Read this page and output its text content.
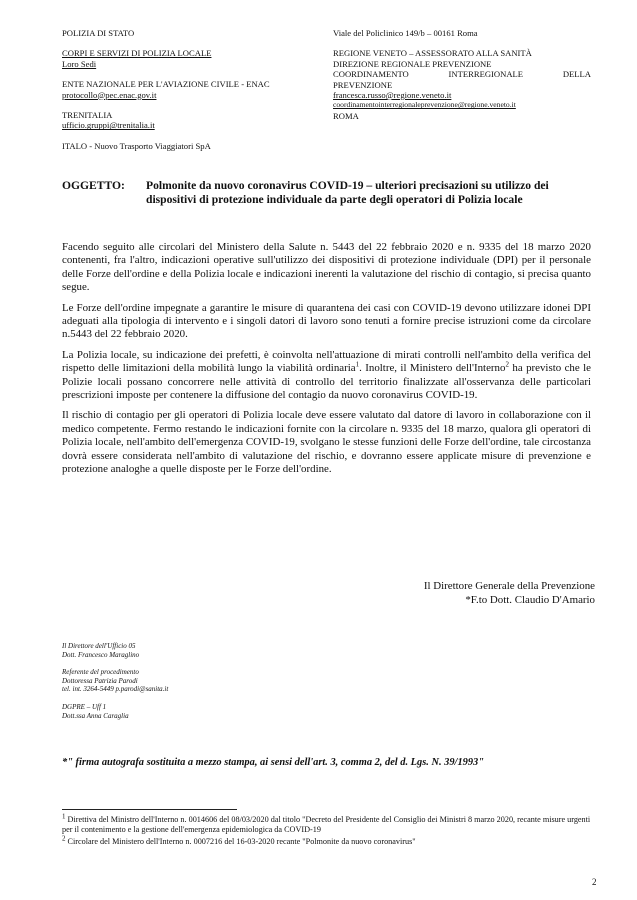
POLIZIA DI STATO

CORPI E SERVIZI DI POLIZIA LOCALE

Loro Sedi

ENTE NAZIONALE PER L'AVIAZIONE CIVILE - ENAC

protocollo@pec.enac.gov.it

TRENITALIA

ufficio.gruppi@trenitalia.it

ITALO - Nuovo Trasporto Viaggiatori SpA

Viale del Policlinico 149/b – 00161 Roma

REGIONE VENETO – ASSESSORATO ALLA SANITÀ

DIREZIONE REGIONALE PREVENZIONE

COORDINAMENTO INTERREGIONALE DELLA

PREVENZIONE

francesca.russo@regione.veneto.it

coordinamentointerregionaleprevenzione@regione.veneto.it

ROMA

OGGETTO: Polmonite da nuovo coronavirus COVID-19 – ulteriori precisazioni su utilizzo dei dispositivi di protezione individuale da parte degli operatori di Polizia locale

Facendo seguito alle circolari del Ministero della Salute n. 5443 del 22 febbraio 2020 e n. 9335 del 18 marzo 2020 contenenti, fra l'altro, indicazioni operative sull'utilizzo dei dispositivi di protezione individuale (DPI) per il personale delle Forze dell'ordine e della Polizia locale e indicazioni inerenti la valutazione del rischio di contagio, si precisa quanto segue.

Le Forze dell'ordine impegnate a garantire le misure di quarantena dei casi con COVID-19 devono utilizzare idonei DPI adeguati alla tipologia di intervento e i singoli datori di lavoro sono tenuti a fornire precise istruzioni come da circolare n.5443 del 22 febbraio 2020.

La Polizia locale, su indicazione dei prefetti, è coinvolta nell'attuazione di mirati controlli nell'ambito della verifica del rispetto delle limitazioni della mobilità lungo la viabilità ordinaria$^1$. Inoltre, il Ministero dell'Interno$^2$ ha previsto che le Polizie locali possano concorrere nelle attività di controllo del territorio finalizzate all'osservanza delle particolari prescrizioni imposte per contenere la diffusione del contagio da nuovo coronavirus COVID-19.

Il rischio di contagio per gli operatori di Polizia locale deve essere valutato dal datore di lavoro in collaborazione con il medico competente. Fermo restando le indicazioni fornite con la circolare n. 9335 del 18 marzo, qualora gli operatori di Polizia locale, nell'ambito dell'emergenza COVID-19, svolgano le stesse funzioni delle Forze dell'ordine, tale circostanza dovrà essere considerata nell'ambito di valutazione del rischio, e dovranno essere applicate misure di prevenzione e protezione analoghe a quelle disposte per le Forze dell'ordine.

Il Direttore Generale della Prevenzione

*F.to Dott. Claudio D'Amario

Il Direttore dell'Ufficio 05

Dott. Francesco Maraglino

Referente del procedimento

Dottoressa Patrizia Parodi

tel. int. 3264-5449 p.parodi@sanita.it

DGPRE – Uff 1

Dott.ssa Anna Caraglia

*" firma autografa sostituita a mezzo stampa, ai sensi dell'art. 3, comma 2, del d. Lgs. N. 39/1993"

$^1$ Direttiva del Ministro dell'Interno n. 0014606 del 08/03/2020 dal titolo "Decreto del Presidente del Consiglio dei Ministri 8 marzo 2020, recante misure urgenti per il contenimento e la gestione dell'emergenza epidemiologica da COVID-19

$^2$ Circolare del Ministero dell'Interno n. 0007216 del 16-03-2020 recante "Polmonite da nuovo coronavirus"

2
